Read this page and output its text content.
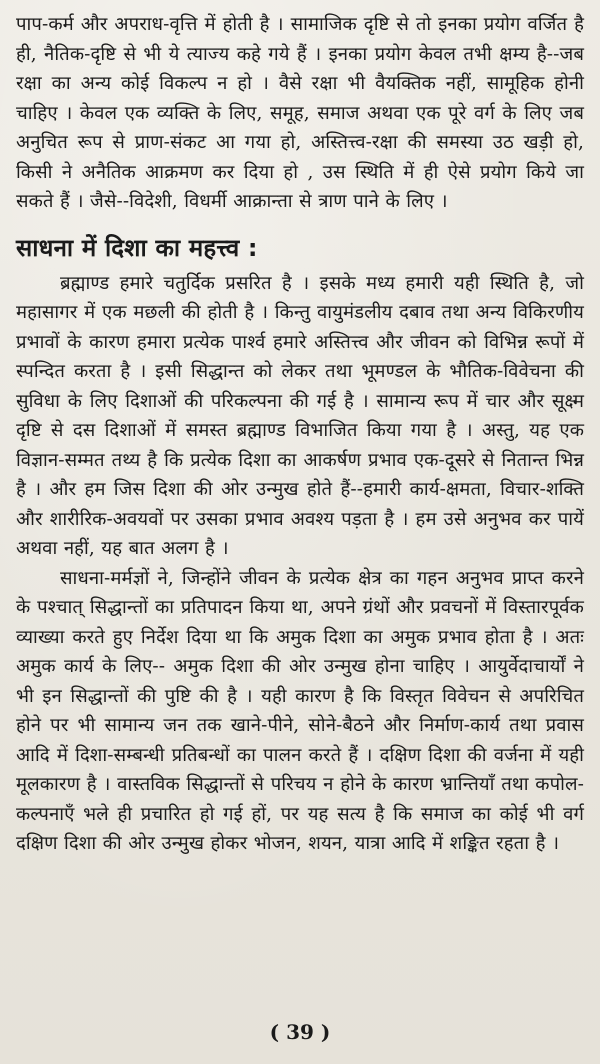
पाप-कर्म और अपराध-वृत्ति में होती है । सामाजिक दृष्टि से तो इनका प्रयोग वर्जित है ही, नैतिक-दृष्टि से भी ये त्याज्य कहे गये हैं । इनका प्रयोग केवल तभी क्षम्य है--जब रक्षा का अन्य कोई विकल्प न हो । वैसे रक्षा भी वैयक्तिक नहीं, सामूहिक होनी चाहिए । केवल एक व्यक्ति के लिए, समूह, समाज अथवा एक पूरे वर्ग के लिए जब अनुचित रूप से प्राण-संकट आ गया हो, अस्तित्त्व-रक्षा की समस्या उठ खड़ी हो, किसी ने अनैतिक आक्रमण कर दिया हो , उस स्थिति में ही ऐसे प्रयोग किये जा सकते हैं । जैसे--विदेशी, विधर्मी आक्रान्ता से त्राण पाने के लिए ।

साधना में दिशा का महत्त्व :

ब्रह्माण्ड हमारे चतुर्दिक प्रसरित है । इसके मध्य हमारी यही स्थिति है, जो महासागर में एक मछली की होती है । किन्तु वायुमंडलीय दबाव तथा अन्य विकिरणीय प्रभावों के कारण हमारा प्रत्येक पार्श्व हमारे अस्तित्त्व और जीवन को विभिन्न रूपों में स्पन्दित करता है । इसी सिद्धान्त को लेकर तथा भूमण्डल के भौतिक-विवेचना की सुविधा के लिए दिशाओं की परिकल्पना की गई है । सामान्य रूप में चार और सूक्ष्म दृष्टि से दस दिशाओं में समस्त ब्रह्माण्ड विभाजित किया गया है । अस्तु, यह एक विज्ञान-सम्मत तथ्य है कि प्रत्येक दिशा का आकर्षण प्रभाव एक-दूसरे से नितान्त भिन्न है । और हम जिस दिशा की ओर उन्मुख होते हैं--हमारी कार्य-क्षमता, विचार-शक्ति और शारीरिक-अवयवों पर उसका प्रभाव अवश्य पड़ता है । हम उसे अनुभव कर पायें अथवा नहीं, यह बात अलग है ।

साधना-मर्मज्ञों ने, जिन्होंने जीवन के प्रत्येक क्षेत्र का गहन अनुभव प्राप्त करने के पश्चात् सिद्धान्तों का प्रतिपादन किया था, अपने ग्रंथों और प्रवचनों में विस्तारपूर्वक व्याख्या करते हुए निर्देश दिया था कि अमुक दिशा का अमुक प्रभाव होता है । अतः अमुक कार्य के लिए-- अमुक दिशा की ओर उन्मुख होना चाहिए । आयुर्वेदाचार्यों ने भी इन सिद्धान्तों की पुष्टि की है । यही कारण है कि विस्तृत विवेचन से अपरिचित होने पर भी सामान्य जन तक खाने-पीने, सोने-बैठने और निर्माण-कार्य तथा प्रवास आदि में दिशा-सम्बन्धी प्रतिबन्धों का पालन करते हैं । दक्षिण दिशा की वर्जना में यही मूलकारण है । वास्तविक सिद्धान्तों से परिचय न होने के कारण भ्रान्तियाँ तथा कपोल-कल्पनाएँ भले ही प्रचारित हो गई हों, पर यह सत्य है कि समाज का कोई भी वर्ग दक्षिण दिशा की ओर उन्मुख होकर भोजन, शयन, यात्रा आदि में शङ्कित रहता है ।

( 39 )
